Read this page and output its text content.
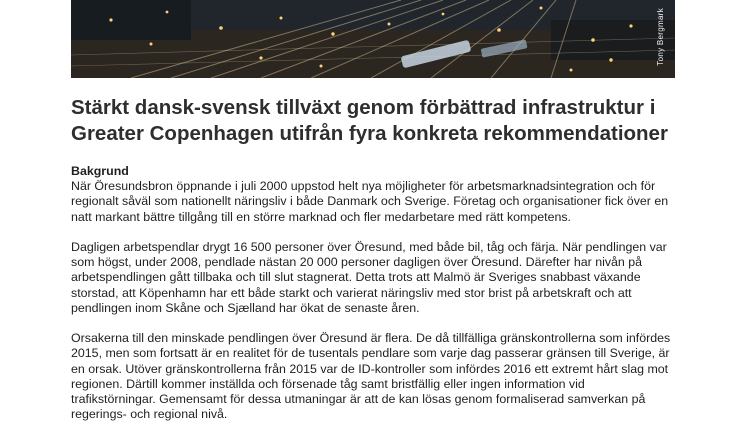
Tony Bergmark
Stärkt dansk-svensk tillväxt genom förbättrad infrastruktur i Greater Copenhagen utifrån fyra konkreta rekommendationer
Bakgrund

När Öresundsbron öppnande i juli 2000 uppstod helt nya möjligheter för arbetsmarknadsintegration och för regionalt såväl som nationellt näringsliv i både Danmark och Sverige. Företag och organisationer fick över en natt markant bättre tillgång till en större marknad och fler medarbetare med rätt kompetens.

Dagligen arbetspendlar drygt 16 500 personer över Öresund, med både bil, tåg och färja. När pendlingen var som högst, under 2008, pendlade nästan 20 000 personer dagligen över Öresund. Därefter har nivån på arbetspendlingen gått tillbaka och till slut stagnerat. Detta trots att Malmö är Sveriges snabbast växande storstad, att Köpenhamn har ett både starkt och varierat näringsliv med stor brist på arbetskraft och att pendlingen inom Skåne och Sjælland har ökat de senaste åren.

Orsakerna till den minskade pendlingen över Öresund är flera. De då tillfälliga gränskontrollerna som infördes 2015, men som fortsatt är en realitet för de tusentals pendlare som varje dag passerar gränsen till Sverige, är en orsak. Utöver gränskontrollerna från 2015 var de ID-kontroller som infördes 2016 ett extremt hårt slag mot regionen. Därtill kommer inställda och försenade tåg samt bristfällig eller ingen information vid trafikstörningar. Gemensamt för dessa utmaningar är att de kan lösas genom formaliserad samverkan på regerings- och regional nivå.
